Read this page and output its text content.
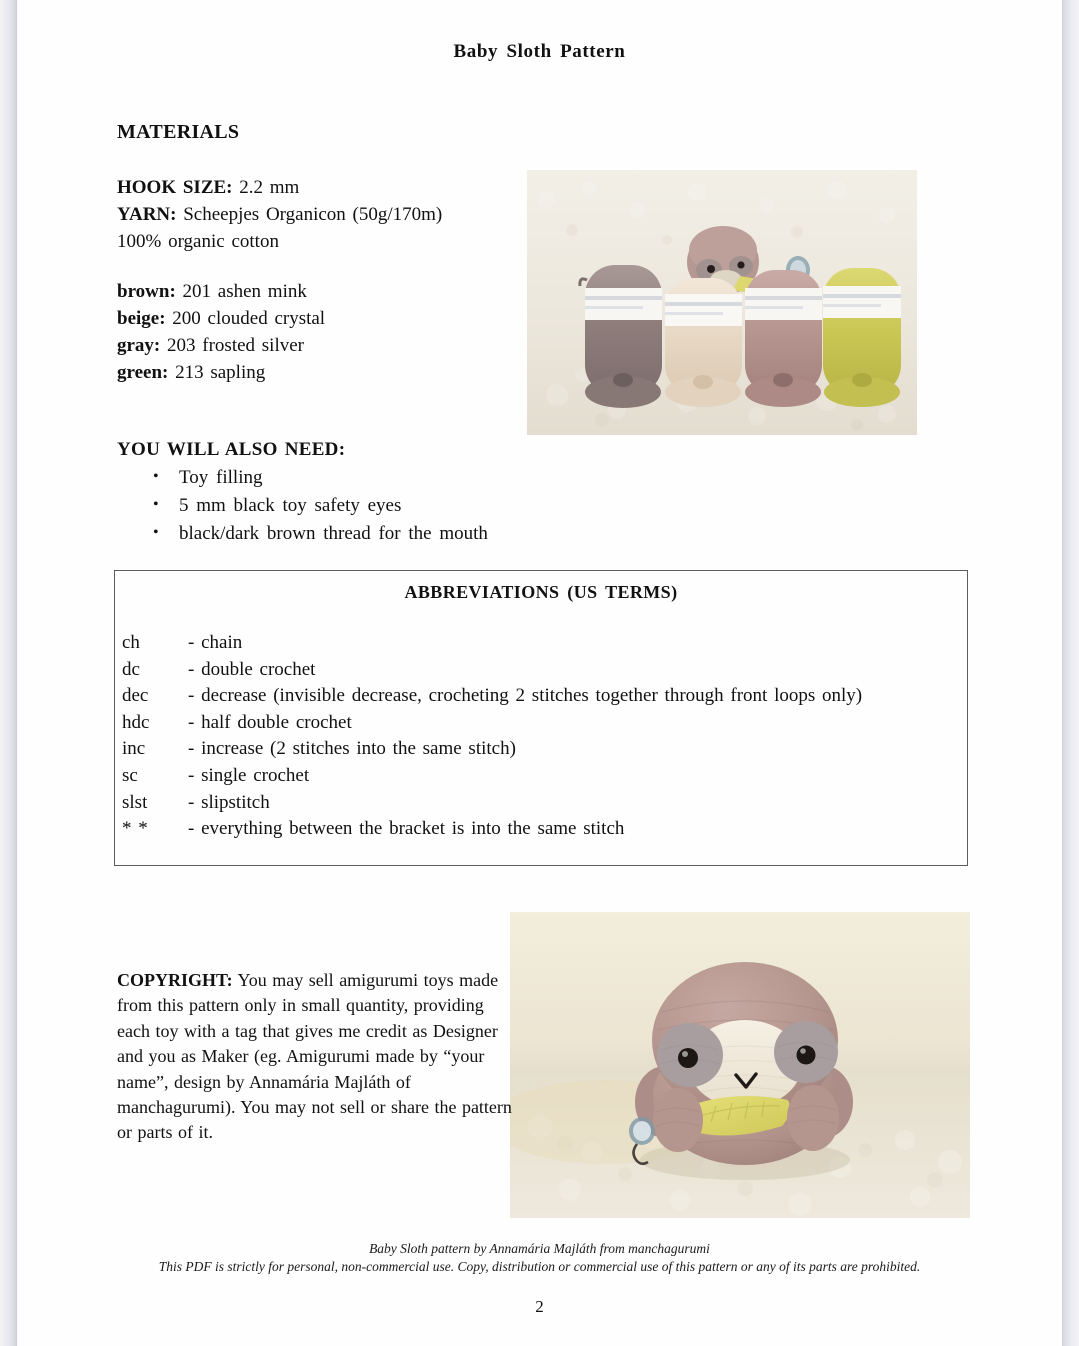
Baby Sloth Pattern
MATERIALS
HOOK SIZE: 2.2 mm
YARN: Scheepjes Organicon (50g/170m)
100% organic cotton
brown: 201 ashen mink
beige: 200 clouded crystal
gray: 203 frosted silver
green: 213 sapling
YOU WILL ALSO NEED:
• Toy filling
• 5 mm black toy safety eyes
• black/dark brown thread for the mouth
ABBREVIATIONS (US TERMS)
ch	- chain
dc	- double crochet
dec	- decrease (invisible decrease, crocheting 2 stitches together through front loops only)
hdc	- half double crochet
inc	- increase (2 stitches into the same stitch)
sc	- single crochet
slst	- slipstitch
* *	- everything between the bracket is into the same stitch
COPYRIGHT: You may sell amigurumi toys made from this pattern only in small quantity, providing each toy with a tag that gives me credit as Designer and you as Maker (eg. Amigurumi made by “your name”, design by Annamária Majláth of manchagurumi). You may not sell or share the pattern or parts of it.
Baby Sloth pattern by Annamária Majláth from manchagurumi
This PDF is strictly for personal, non-commercial use. Copy, distribution or commercial use of this pattern or any of its parts are prohibited.
2
